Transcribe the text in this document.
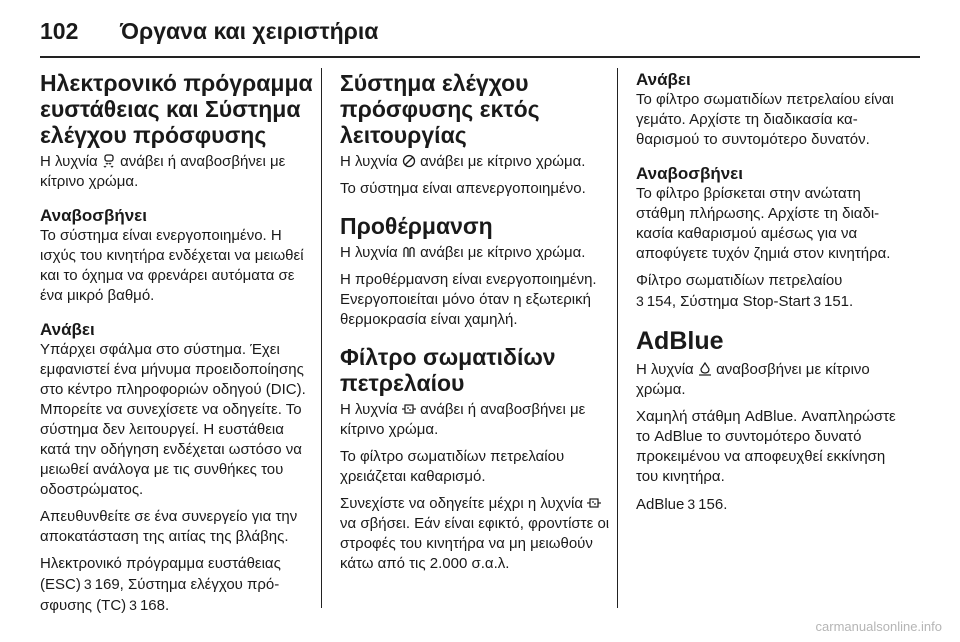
102 Όργανα και χειριστήρια
Ηλεκτρονικό πρόγραμμα ευστάθειας και Σύστημα ελέγχου πρόσφυσης

Η λυχνία ανάβει ή αναβοσβήνει με κίτρινο χρώμα.

Αναβοσβήνει

Το σύστημα είναι ενεργοποιημένο. Η ισχύς του κινητήρα ενδέχεται να μειωθεί και το όχημα να φρενάρει αυτόματα σε ένα μικρό βαθμό.

Ανάβει

Υπάρχει σφάλμα στο σύστημα. Έχει εμφανιστεί ένα μήνυμα προειδοποίησης στο κέντρο πληροφοριών οδηγού (DIC). Μπορείτε να συνεχίσετε να οδηγείτε. Το σύστημα δεν λειτουργεί. Η ευστάθεια κατά την οδήγηση ενδέχεται ωστόσο να μειωθεί ανάλογα με τις συνθήκες του οδοστρώματος.

Απευθυνθείτε σε ένα συνεργείο για την αποκατάσταση της αιτίας της βλάβης.

Ηλεκτρονικό πρόγραμμα ευστάθειας (ESC) 3 169, Σύστημα ελέγχου πρόσφυσης (TC) 3 168.

Σύστημα ελέγχου πρόσφυσης εκτός λειτουργίας

Η λυχνία ανάβει με κίτρινο χρώμα.

Το σύστημα είναι απενεργοποιημένο.

Προθέρμανση

Η λυχνία ανάβει με κίτρινο χρώμα.

Η προθέρμανση είναι ενεργοποιημένη. Ενεργοποιείται μόνο όταν η εξωτερική θερμοκρασία είναι χαμηλή.

Φίλτρο σωματιδίων πετρελαίου

Η λυχνία ανάβει ή αναβοσβήνει με κίτρινο χρώμα.

Το φίλτρο σωματιδίων πετρελαίου χρειάζεται καθαρισμό.

Συνεχίστε να οδηγείτε μέχρι η λυχνία
να σβήσει. Εάν είναι εφικτό, φροντίστε οι στροφές του κινητήρα να μη μειωθούν κάτω από τις 2.000 σ.α.λ.

Ανάβει

Το φίλτρο σωματιδίων πετρελαίου είναι γεμάτο. Αρχίστε τη διαδικασία καθαρισμού το συντομότερο δυνατόν.

Αναβοσβήνει

Το φίλτρο βρίσκεται στην ανώτατη στάθμη πλήρωσης. Αρχίστε τη διαδικασία καθαρισμού αμέσως για να αποφύγετε τυχόν ζημιά στον κινητήρα.

Φίλτρο σωματιδίων πετρελαίου
3 154, Σύστημα Stop-Start 3 151.

AdBlue

Η λυχνία αναβοσβήνει με κίτρινο χρώμα.

Χαμηλή στάθμη AdBlue. Αναπληρώστε το AdBlue το συντομότερο δυνατό προκειμένου να αποφευχθεί εκκίνηση του κινητήρα.

AdBlue 3 156.

carmanualsonline.info
